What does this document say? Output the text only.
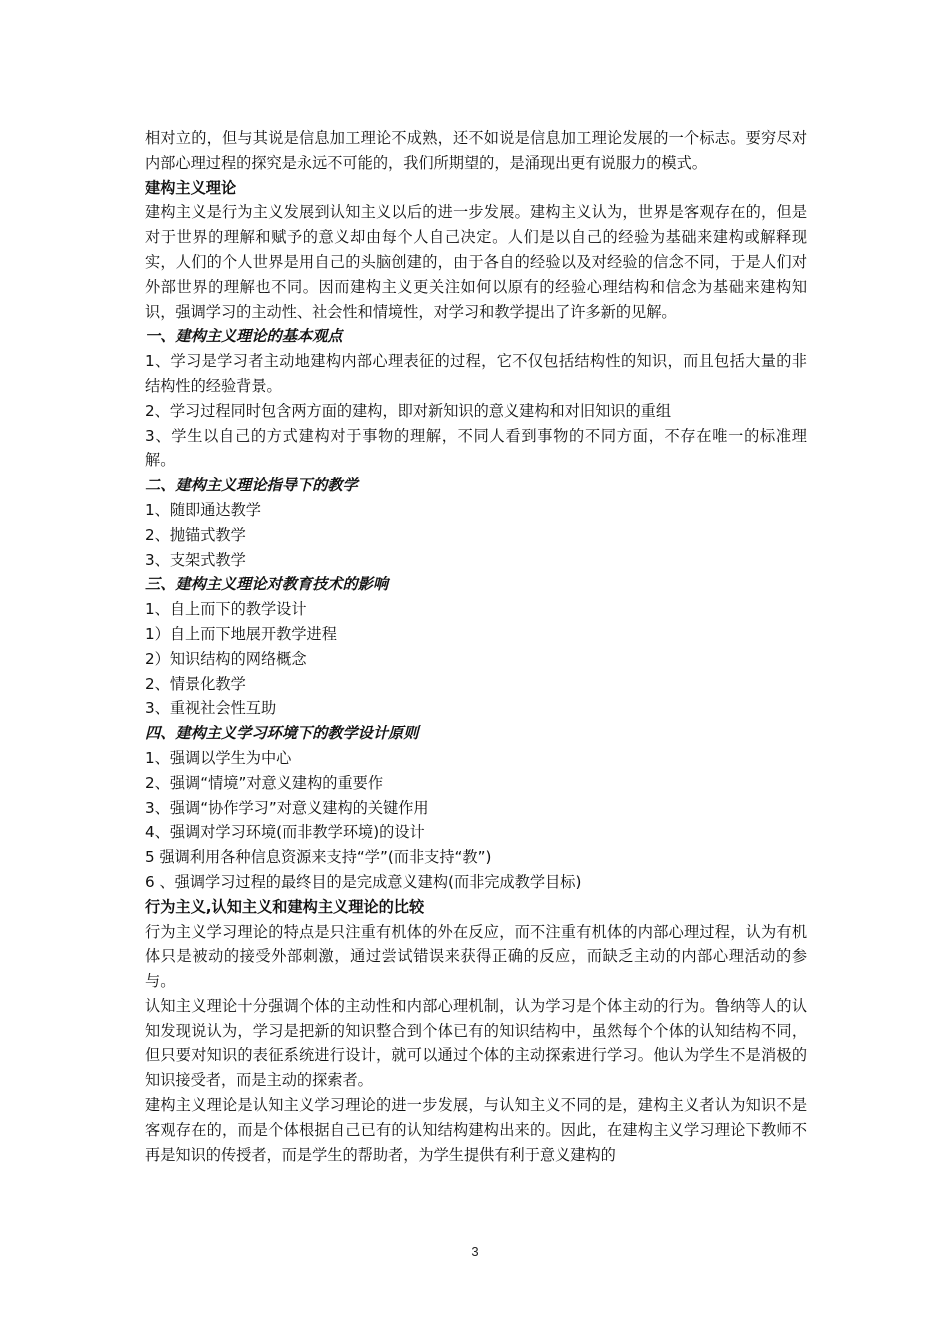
相对立的，但与其说是信息加工理论不成熟，还不如说是信息加工理论发展的一个标志。要穷尽对内部心理过程的探究是永远不可能的，我们所期望的，是涌现出更有说服力的模式。

建构主义理论

建构主义是行为主义发展到认知主义以后的进一步发展。建构主义认为，世界是客观存在的，但是对于世界的理解和赋予的意义却由每个人自己决定。人们是以自己的经验为基础来建构或解释现实，人们的个人世界是用自己的头脑创建的，由于各自的经验以及对经验的信念不同，于是人们对外部世界的理解也不同。因而建构主义更关注如何以原有的经验心理结构和信念为基础来建构知识，强调学习的主动性、社会性和情境性，对学习和教学提出了许多新的见解。

一、建构主义理论的基本观点

1、学习是学习者主动地建构内部心理表征的过程，它不仅包括结构性的知识，而且包括大量的非结构性的经验背景。

2、学习过程同时包含两方面的建构，即对新知识的意义建构和对旧知识的重组

3、学生以自己的方式建构对于事物的理解，不同人看到事物的不同方面，不存在唯一的标准理解。

二、建构主义理论指导下的教学

1、随即通达教学

2、抛锚式教学

3、支架式教学

三、建构主义理论对教育技术的影响

1、自上而下的教学设计

1）自上而下地展开教学进程

2）知识结构的网络概念

2、情景化教学

3、重视社会性互助

四、建构主义学习环境下的教学设计原则

1、强调以学生为中心

2、强调“情境”对意义建构的重要作

3、强调“协作学习”对意义建构的关键作用

4、强调对学习环境(而非教学环境)的设计

5 强调利用各种信息资源来支持“学”(而非支持“教”)

6 、强调学习过程的最终目的是完成意义建构(而非完成教学目标)

行为主义,认知主义和建构主义理论的比较

行为主义学习理论的特点是只注重有机体的外在反应，而不注重有机体的内部心理过程，认为有机体只是被动的接受外部刺激，通过尝试错误来获得正确的反应，而缺乏主动的内部心理活动的参与。

认知主义理论十分强调个体的主动性和内部心理机制，认为学习是个体主动的行为。鲁纳等人的认知发现说认为，学习是把新的知识整合到个体已有的知识结构中，虽然每个个体的认知结构不同，但只要对知识的表征系统进行设计，就可以通过个体的主动探索进行学习。他认为学生不是消极的知识接受者，而是主动的探索者。

建构主义理论是认知主义学习理论的进一步发展，与认知主义不同的是，建构主义者认为知识不是客观存在的，而是个体根据自己已有的认知结构建构出来的。因此，在建构主义学习理论下教师不再是知识的传授者，而是学生的帮助者，为学生提供有利于意义建构的

3
